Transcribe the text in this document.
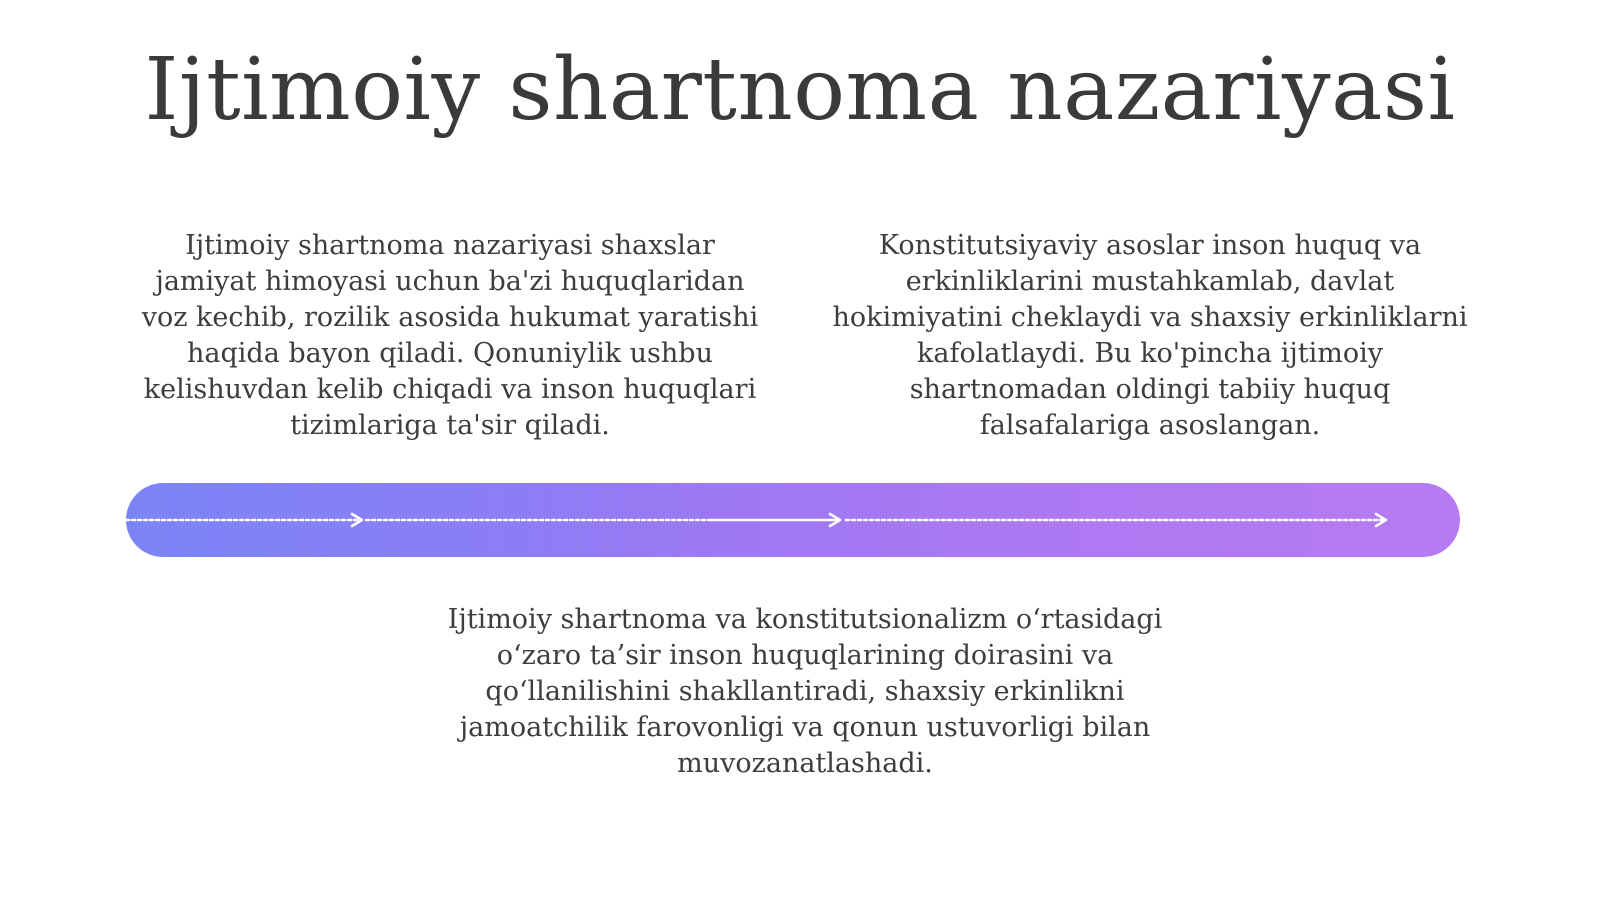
Ijtimoiy shartnoma nazariyasi

Ijtimoiy shartnoma nazariyasi shaxslar jamiyat himoyasi uchun ba'zi huquqlaridan voz kechib, rozilik asosida hukumat yaratishi haqida bayon qiladi. Qonuniylik ushbu kelishuvdan kelib chiqadi va inson huquqlari tizimlariga ta'sir qiladi.

Konstitutsiyaviy asoslar inson huquq va erkinliklarini mustahkamlab, davlat hokimiyatini cheklaydi va shaxsiy erkinliklarni kafolatlaydi. Bu ko'pincha ijtimoiy shartnomadan oldingi tabiiy huquq falsafalariga asoslangan.

Ijtimoiy shartnoma va konstitutsionalizm o‘rtasidagi o‘zaro ta’sir inson huquqlarining doirasini va qo‘llanilishini shakllantiradi, shaxsiy erkinlikni jamoatchilik farovonligi va qonun ustuvorligi bilan muvozanatlashadi.
